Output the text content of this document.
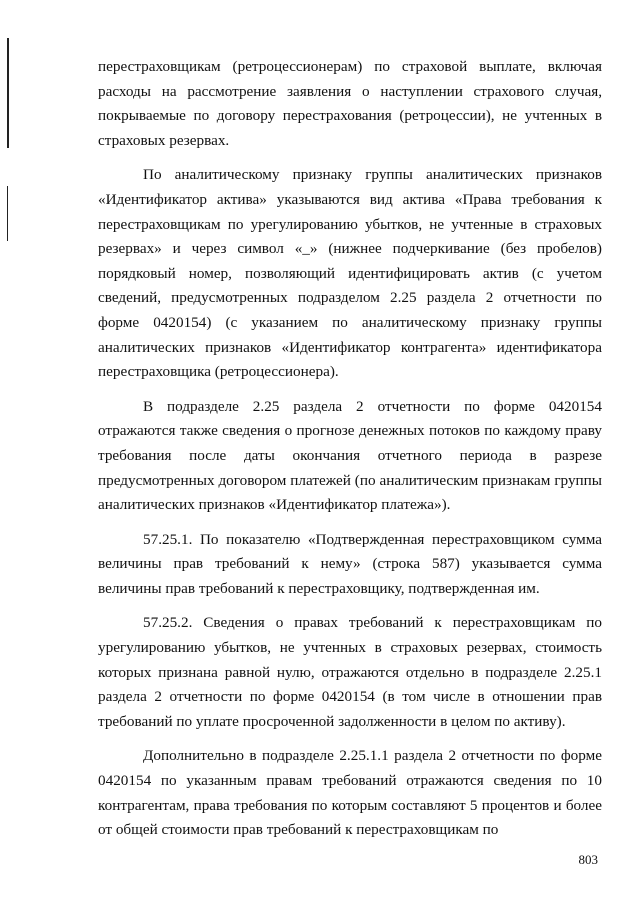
перестраховщикам (ретроцессионерам) по страховой выплате, включая расходы на рассмотрение заявления о наступлении страхового случая, покрываемые по договору перестрахования (ретроцессии), не учтенных в страховых резервах.

По аналитическому признаку группы аналитических признаков «Идентификатор актива» указываются вид актива «Права требования к перестраховщикам по урегулированию убытков, не учтенные в страховых резервах» и через символ «_» (нижнее подчеркивание (без пробелов) порядковый номер, позволяющий идентифицировать актив (с учетом сведений, предусмотренных подразделом 2.25 раздела 2 отчетности по форме 0420154) (с указанием по аналитическому признаку группы аналитических признаков «Идентификатор контрагента» идентификатора перестраховщика (ретроцессионера).

В подразделе 2.25 раздела 2 отчетности по форме 0420154 отражаются также сведения о прогнозе денежных потоков по каждому праву требования после даты окончания отчетного периода в разрезе предусмотренных договором платежей (по аналитическим признакам группы аналитических признаков «Идентификатор платежа»).

57.25.1. По показателю «Подтвержденная перестраховщиком сумма величины прав требований к нему» (строка 587) указывается сумма величины прав требований к перестраховщику, подтвержденная им.

57.25.2. Сведения о правах требований к перестраховщикам по урегулированию убытков, не учтенных в страховых резервах, стоимость которых признана равной нулю, отражаются отдельно в подразделе 2.25.1 раздела 2 отчетности по форме 0420154 (в том числе в отношении прав требований по уплате просроченной задолженности в целом по активу).

Дополнительно в подразделе 2.25.1.1 раздела 2 отчетности по форме 0420154 по указанным правам требований отражаются сведения по 10 контрагентам, права требования по которым составляют 5 процентов и более от общей стоимости прав требований к перестраховщикам по

803
